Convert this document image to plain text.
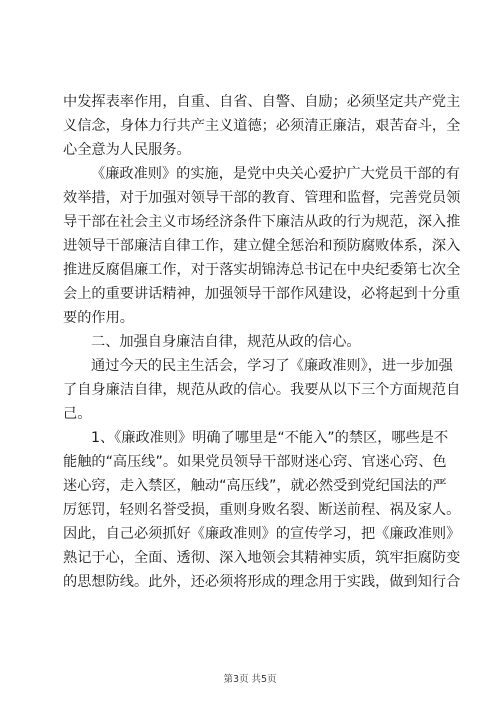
中发挥表率作用，自重、自省、自警、自励；必须坚定共产党主
义信念，身体力行共产主义道德；必须清正廉洁，艰苦奋斗，全
心全意为人民服务。
《廉政准则》的实施，是党中央关心爱护广大党员干部的有
效举措，对于加强对领导干部的教育、管理和监督，完善党员领
导干部在社会主义市场经济条件下廉洁从政的行为规范，深入推
进领导干部廉洁自律工作，建立健全惩治和预防腐败体系，深入
推进反腐倡廉工作，对于落实胡锦涛总书记在中央纪委第七次全
会上的重要讲话精神，加强领导干部作风建设，必将起到十分重
要的作用。
二、加强自身廉洁自律，规范从政的信心。
通过今天的民主生活会，学习了《廉政准则》，进一步加强
了自身廉洁自律，规范从政的信心。我要从以下三个方面规范自
己。
1、《廉政准则》明确了哪里是“不能入”的禁区，哪些是不
能触的“高压线”。如果党员领导干部财迷心窍、官迷心窍、色
迷心窍，走入禁区，触动“高压线”，就必然受到党纪国法的严
厉惩罚，轻则名誉受损，重则身败名裂、断送前程、祸及家人。
因此，自己必须抓好《廉政准则》的宣传学习，把《廉政准则》
熟记于心，全面、透彻、深入地领会其精神实质，筑牢拒腐防变
的思想防线。此外，还必须将形成的理念用于实践，做到知行合
第3页 共5页
